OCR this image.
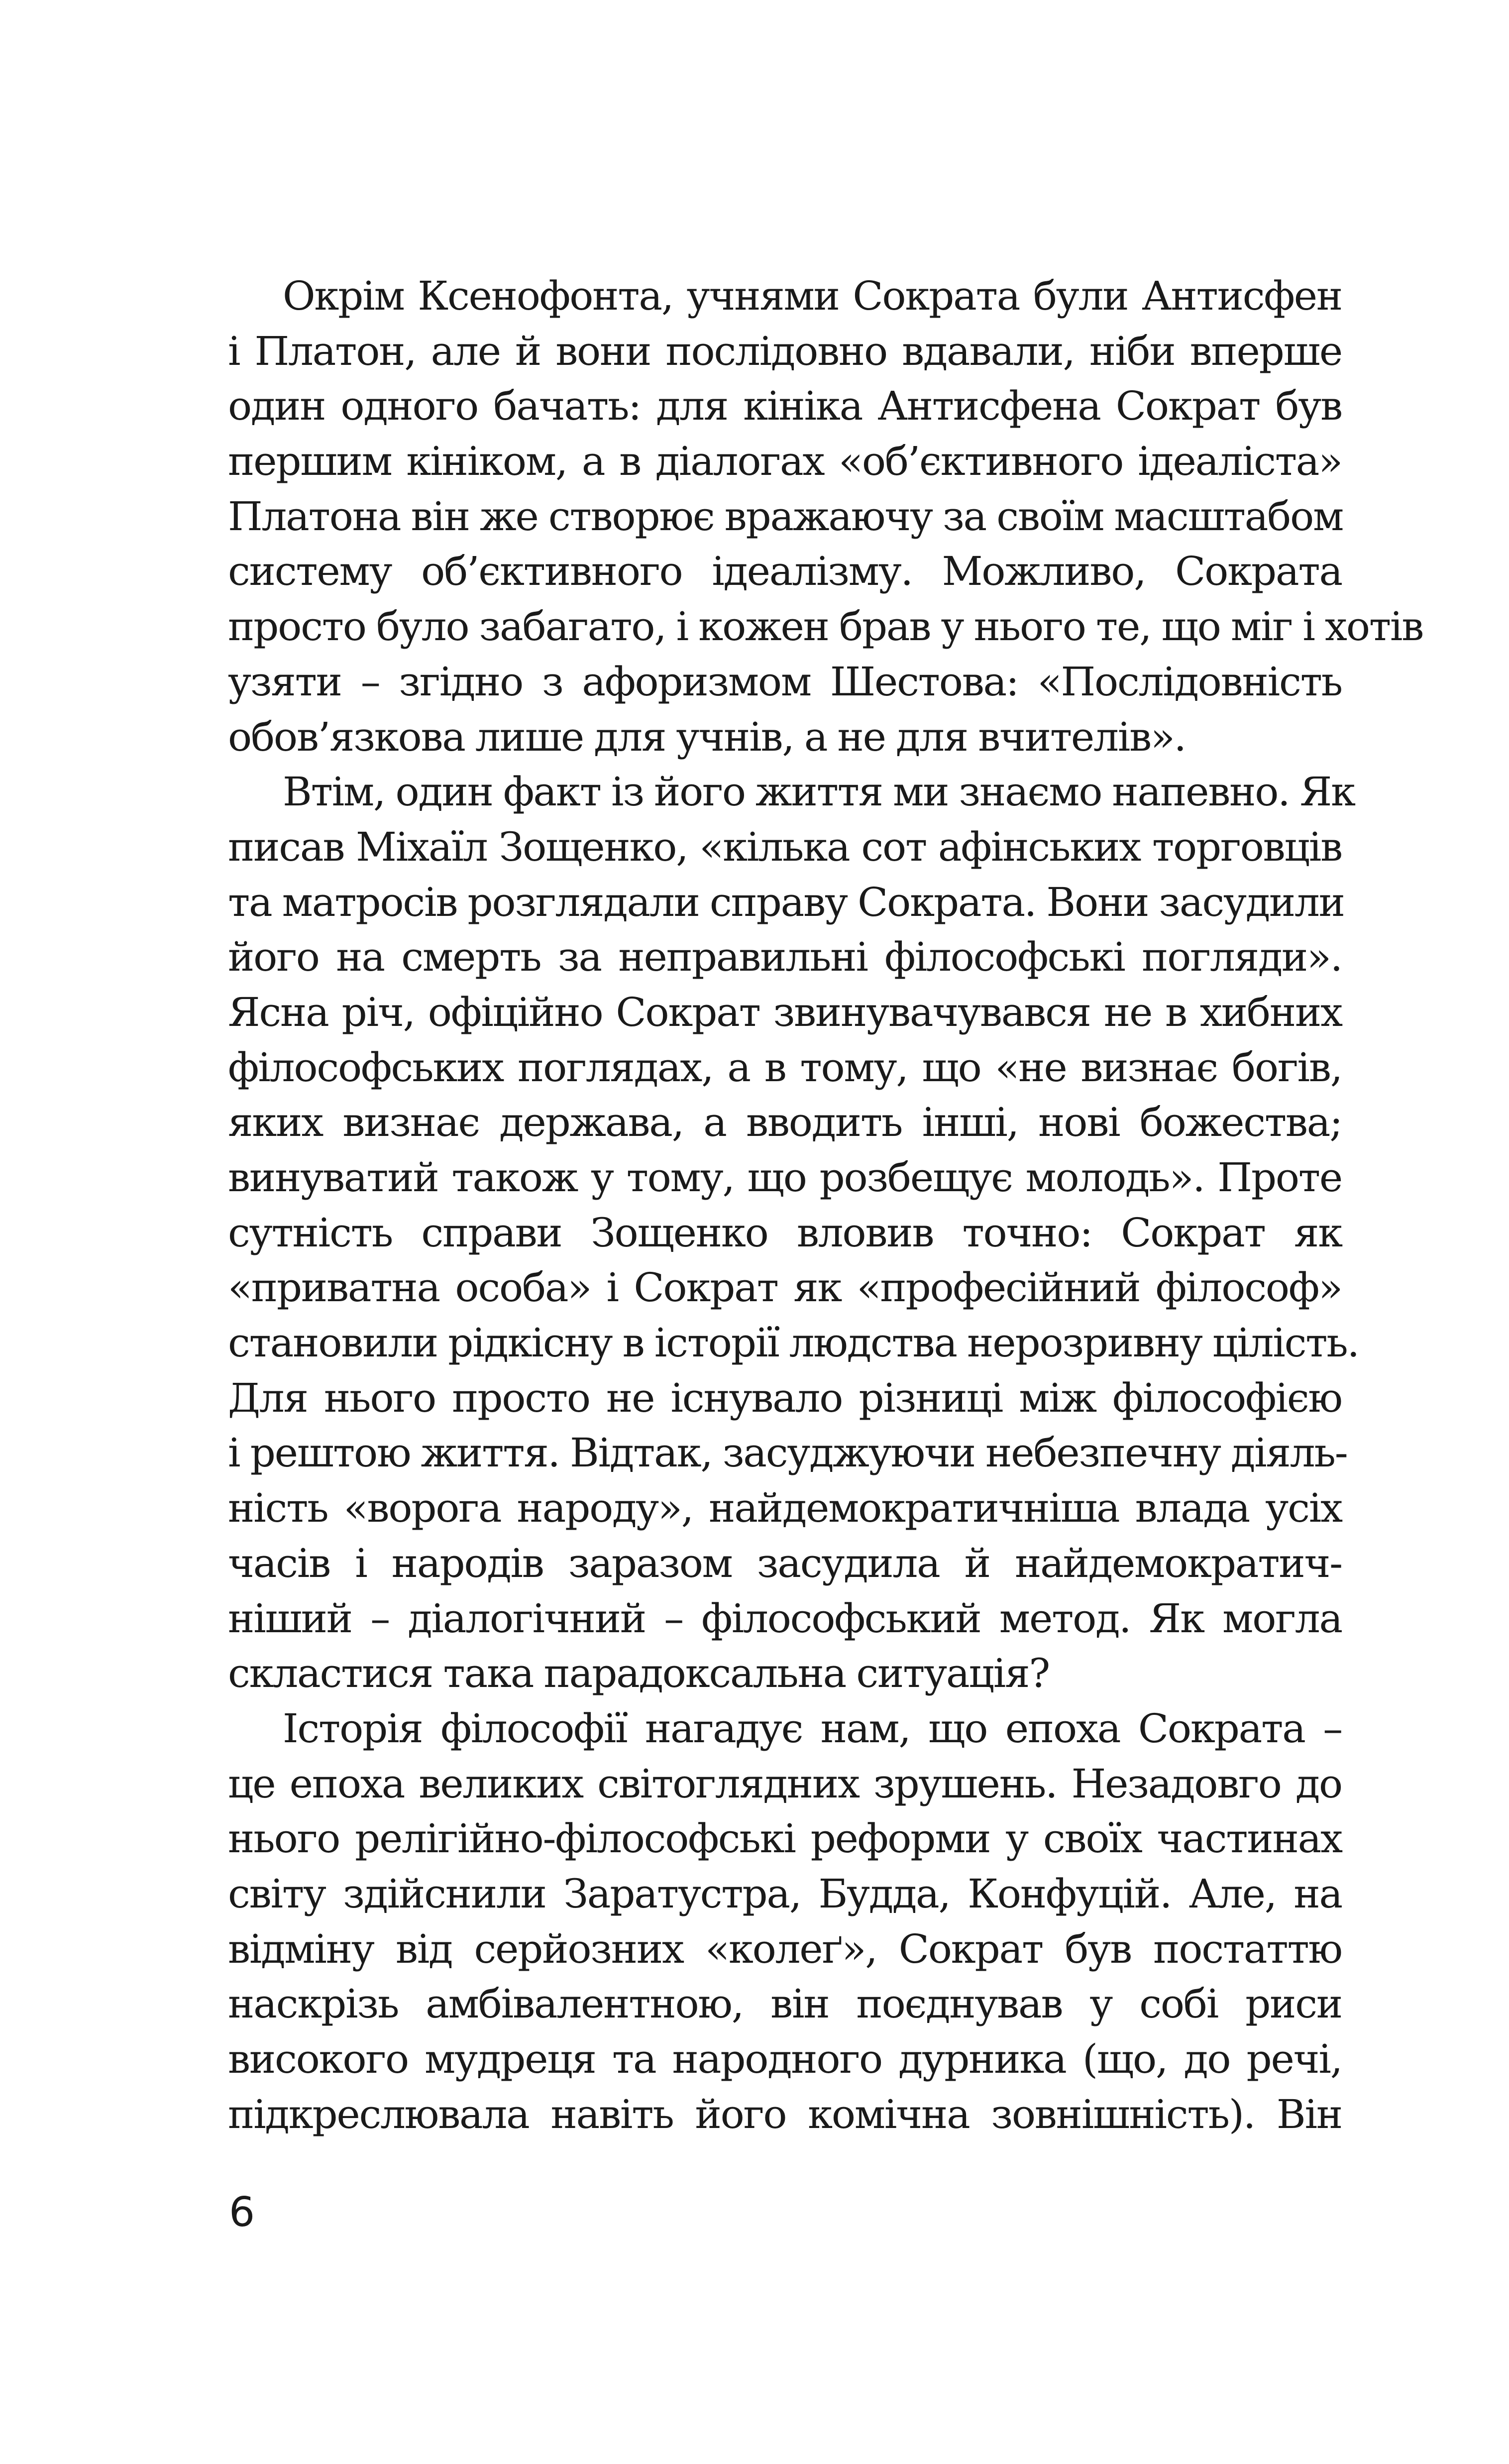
Окрім Ксенофонта, учнями Сократа були Антисфен
і Платон, але й вони послідовно вдавали, ніби вперше
один одного бачать: для кініка Антисфена Сократ був
першим кініком, а в діалогах «об’єктивного ідеаліста»
Платона він же створює вражаючу за своїм масштабом
систему об’єктивного ідеалізму. Можливо, Сократа
просто було забагато, і кожен брав у нього те, що міг і хотів
узяти – згідно з афоризмом Шестова: «Послідовність
обов’язкова лише для учнів, а не для вчителів».
Втім, один факт із його життя ми знаємо напевно. Як
писав Міхаїл Зощенко, «кілька сот афінських торговців
та матросів розглядали справу Сократа. Вони засудили
його на смерть за неправильні філософські погляди».
Ясна річ, офіційно Сократ звинувачувався не в хибних
філософських поглядах, а в тому, що «не визнає богів,
яких визнає держава, а вводить інші, нові божества;
винуватий також у тому, що розбещує молодь». Проте
сутність справи Зощенко вловив точно: Сократ як
«приватна особа» і Сократ як «професійний філософ»
становили рідкісну в історії людства нерозривну цілість.
Для нього просто не існувало різниці між філософією
і рештою життя. Відтак, засуджуючи небезпечну діяль-
ність «ворога народу», найдемократичніша влада усіх
часів і народів заразом засудила й найдемократич-
ніший – діалогічний – філософський метод. Як могла
скластися така парадоксальна ситуація?
Історія філософії нагадує нам, що епоха Сократа –
це епоха великих світоглядних зрушень. Незадовго до
нього релігійно-філософські реформи у своїх частинах
світу здійснили Заратустра, Будда, Конфуцій. Але, на
відміну від серйозних «колеґ», Сократ був постаттю
наскрізь амбівалентною, він поєднував у собі риси
високого мудреця та народного дурника (що, до речі,
підкреслювала навіть його комічна зовнішність). Він
6
